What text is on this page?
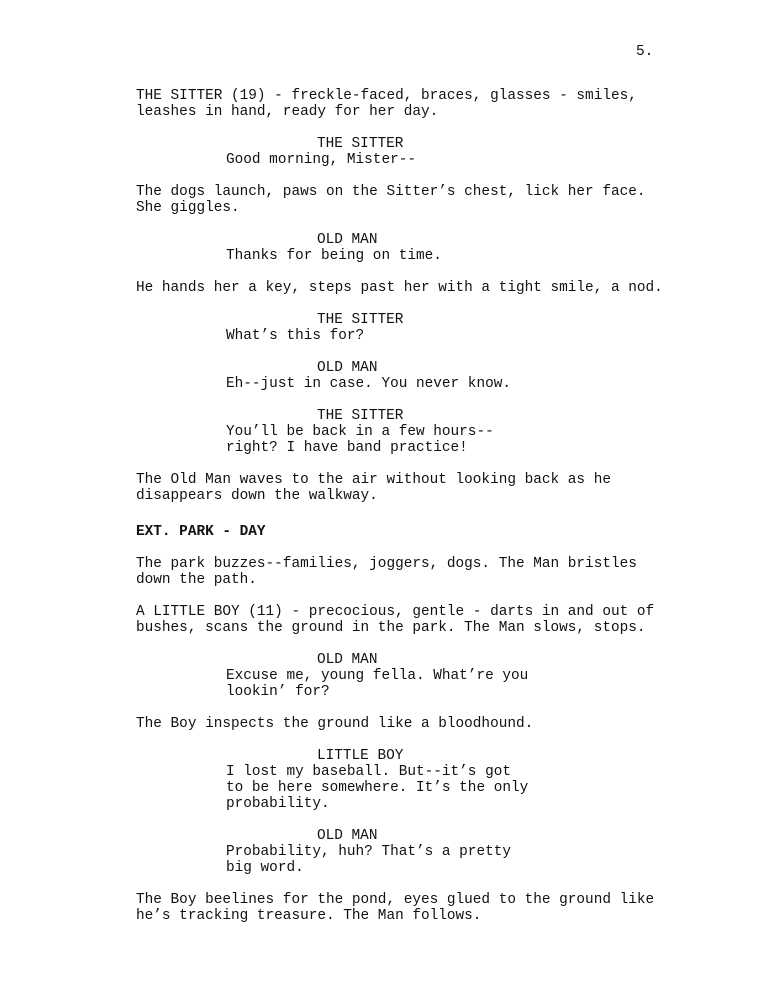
5.
THE SITTER (19) - freckle-faced, braces, glasses - smiles,
leashes in hand, ready for her day.
THE SITTER
Good morning, Mister--
The dogs launch, paws on the Sitter’s chest, lick her face.
She giggles.
OLD MAN
Thanks for being on time.
He hands her a key, steps past her with a tight smile, a nod.
THE SITTER
What’s this for?
OLD MAN
Eh--just in case. You never know.
THE SITTER
You’ll be back in a few hours--
right? I have band practice!
The Old Man waves to the air without looking back as he
disappears down the walkway.
EXT. PARK - DAY
The park buzzes--families, joggers, dogs. The Man bristles
down the path.
A LITTLE BOY (11) - precocious, gentle - darts in and out of
bushes, scans the ground in the park. The Man slows, stops.
OLD MAN
Excuse me, young fella. What’re you
lookin’ for?
The Boy inspects the ground like a bloodhound.
LITTLE BOY
I lost my baseball. But--it’s got
to be here somewhere. It’s the only
probability.
OLD MAN
Probability, huh? That’s a pretty
big word.
The Boy beelines for the pond, eyes glued to the ground like
he’s tracking treasure. The Man follows.
